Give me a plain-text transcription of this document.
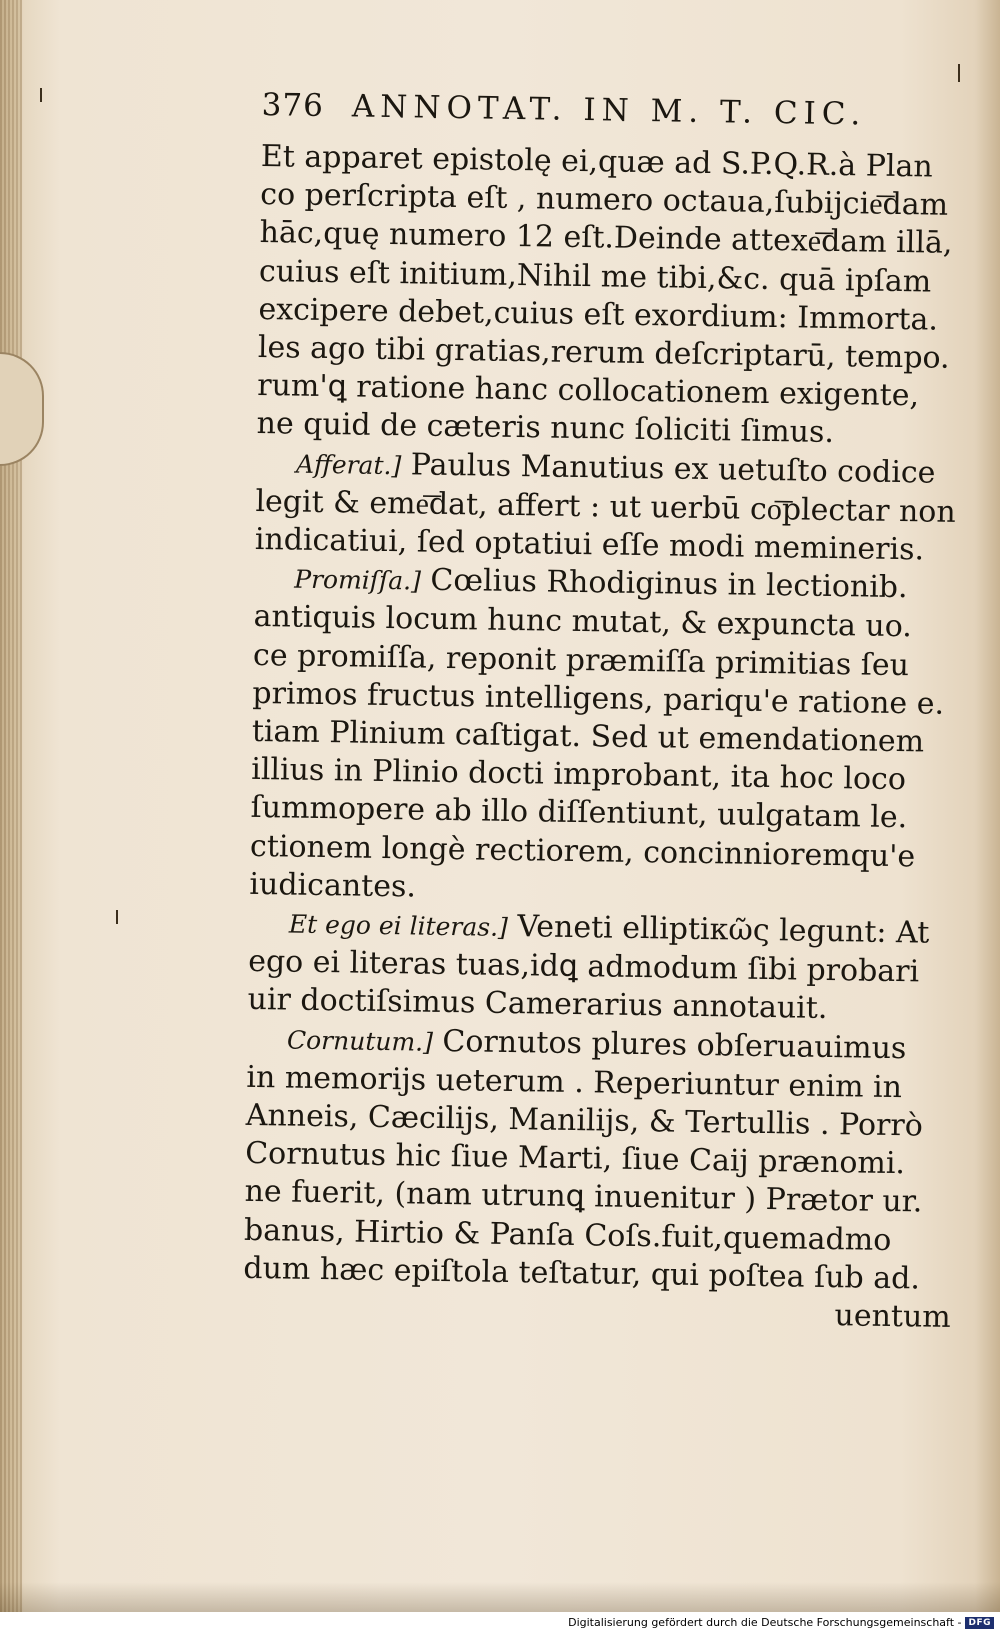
376 ANNOTAT. IN M. T. CIC.
Et apparet epistolę ei,quæ ad S.P.Q.R.à Plan
co perſcripta eſt , numero octaua,ſubijcie͞dam
hāc,quę numero 12 eſt.Deinde attexe͞dam illā,
cuius eſt initium,Nihil me tibi,&c. quā ipſam
excipere debet,cuius eſt exordium: Immorta.
les ago tibi gratias,rerum deſcriptarū, tempo.
rum'ꝗ ratione hanc collocationem exigente,
ne quid de cæteris nunc ſoliciti ſimus.
Afferat.] Paulus Manutius ex uetuſto codice
legit & eme͞dat, affert : ut uerbū co͞plectar non
indicatiui, ſed optatiui eſſe modi memineris.
Promiſſa.] Cœlius Rhodiginus in lectionib.
antiquis locum hunc mutat, & expuncta uo.
ce promiſſa, reponit præmiſſa primitias ſeu
primos fructus intelligens, pariqu'e ratione e.
tiam Plinium caſtigat. Sed ut emendationem
illius in Plinio docti improbant, ita hoc loco
ſummopere ab illo diſſentiunt, uulgatam le.
ctionem longè rectiorem, concinnioremqu'e
iudicantes.
Et ego ei literas.] Veneti elliptiκῶς legunt: At
ego ei literas tuas,idꝗ admodum ſibi probari
uir doctiſsimus Camerarius annotauit.
Cornutum.] Cornutos plures obſeruauimus
in memorijs ueterum . Reperiuntur enim in
Anneis, Cæcilijs, Manilijs, & Tertullis . Porrò
Cornutus hic ſiue Marti, ſiue Caij prænomi.
ne fuerit, (nam utrunꝗ inuenitur ) Prætor ur.
banus, Hirtio & Panſa Coſs.fuit,quemadmo
dum hæc epiſtola teſtatur, qui poſtea ſub ad.
uentum
Digitalisierung gefördert durch die Deutsche Forschungsgemeinschaft - DFG
